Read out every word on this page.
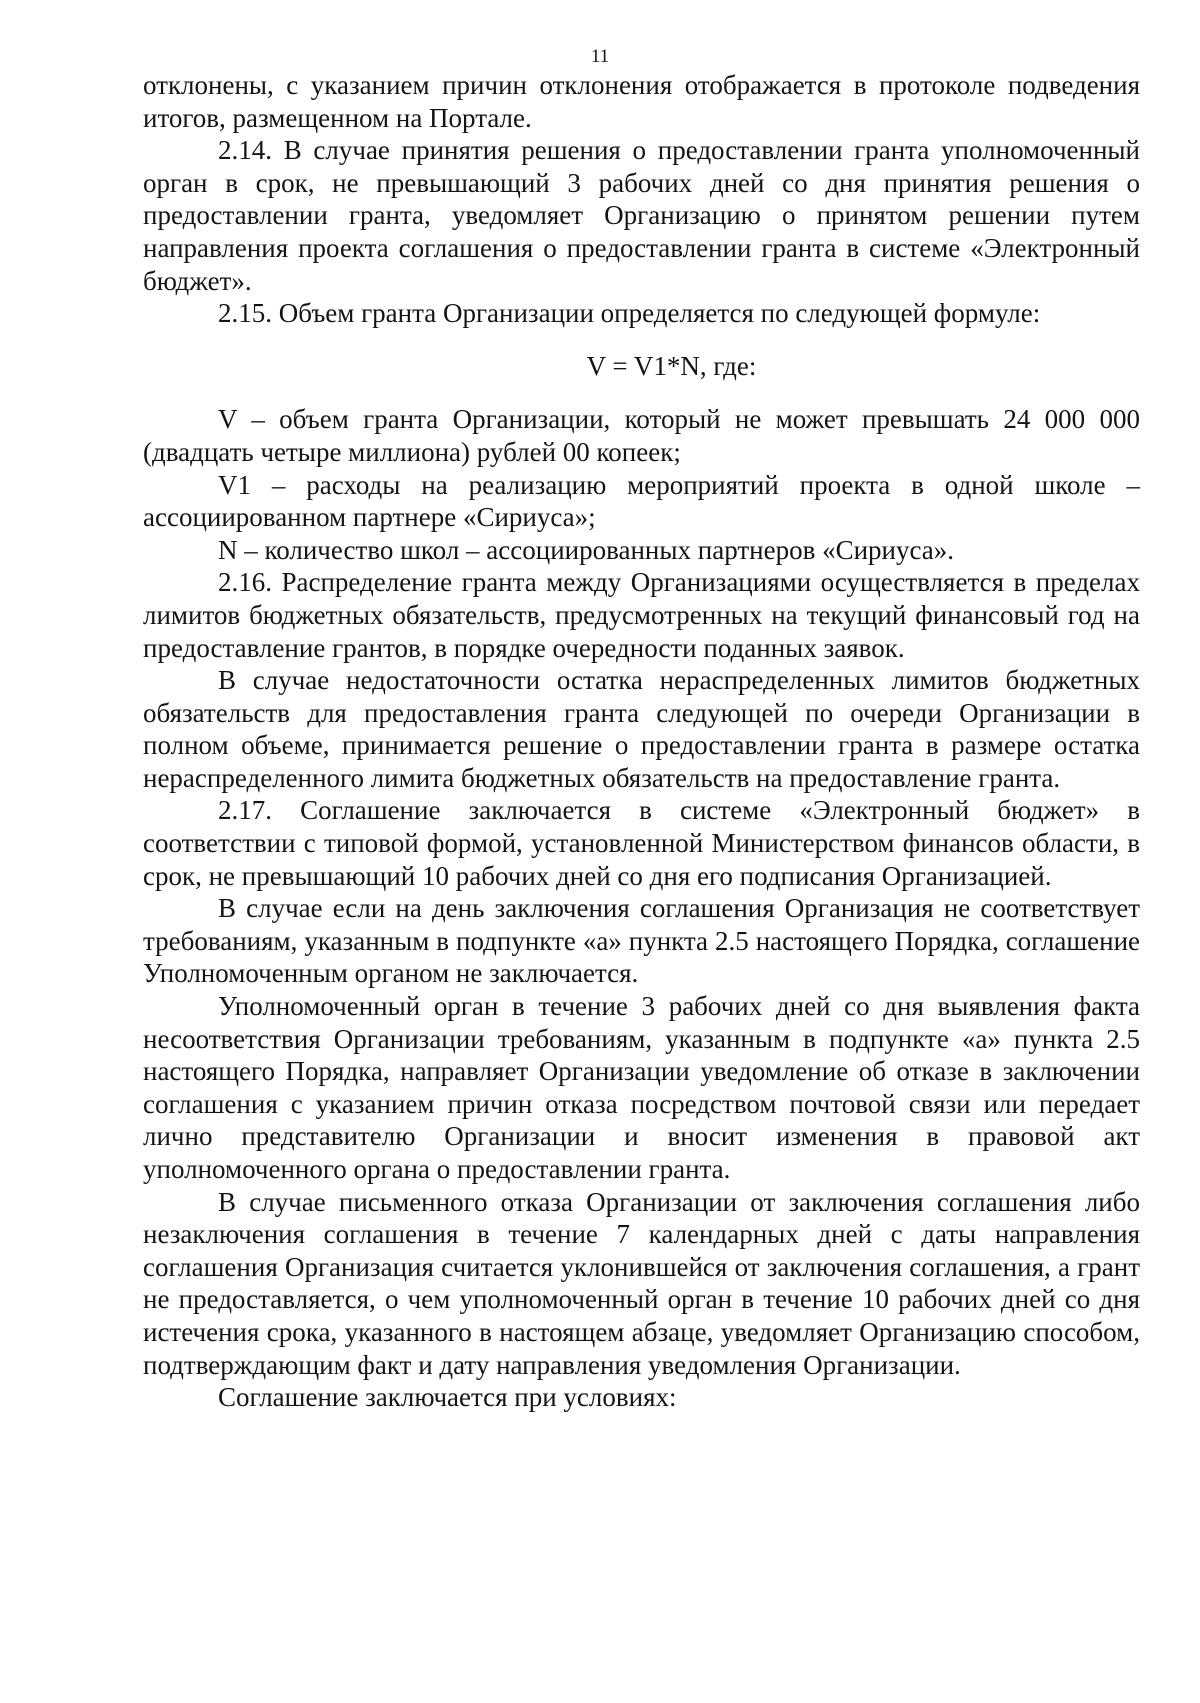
11

отклонены, с указанием причин отклонения отображается в протоколе подведения итогов, размещенном на Портале.

2.14. В случае принятия решения о предоставлении гранта уполномоченный орган в срок, не превышающий 3 рабочих дней со дня принятия решения о предоставлении гранта, уведомляет Организацию о принятом решении путем направления проекта соглашения о предоставлении гранта в системе «Электронный бюджет».

2.15. Объем гранта Организации определяется по следующей формуле:

V = V1*N, где:

V – объем гранта Организации, который не может превышать 24 000 000 (двадцать четыре миллиона) рублей 00 копеек;

V1 – расходы на реализацию мероприятий проекта в одной школе – ассоциированном партнере «Сириуса»;

N – количество школ – ассоциированных партнеров «Сириуса».

2.16. Распределение гранта между Организациями осуществляется в пределах лимитов бюджетных обязательств, предусмотренных на текущий финансовый год на предоставление грантов, в порядке очередности поданных заявок.

В случае недостаточности остатка нераспределенных лимитов бюджетных обязательств для предоставления гранта следующей по очереди Организации в полном объеме, принимается решение о предоставлении гранта в размере остатка нераспределенного лимита бюджетных обязательств на предоставление гранта.

2.17. Соглашение заключается в системе «Электронный бюджет» в соответствии с типовой формой, установленной Министерством финансов области, в срок, не превышающий 10 рабочих дней со дня его подписания Организацией.

В случае если на день заключения соглашения Организация не соответствует требованиям, указанным в подпункте «а» пункта 2.5 настоящего Порядка, соглашение Уполномоченным органом не заключается.

Уполномоченный орган в течение 3 рабочих дней со дня выявления факта несоответствия Организации требованиям, указанным в подпункте «а» пункта 2.5 настоящего Порядка, направляет Организации уведомление об отказе в заключении соглашения с указанием причин отказа посредством почтовой связи или передает лично представителю Организации и вносит изменения в правовой акт уполномоченного органа о предоставлении гранта.

В случае письменного отказа Организации от заключения соглашения либо незаключения соглашения в течение 7 календарных дней с даты направления соглашения Организация считается уклонившейся от заключения соглашения, а грант не предоставляется, о чем уполномоченный орган в течение 10 рабочих дней со дня истечения срока, указанного в настоящем абзаце, уведомляет Организацию способом, подтверждающим факт и дату направления уведомления Организации.

Соглашение заключается при условиях:
